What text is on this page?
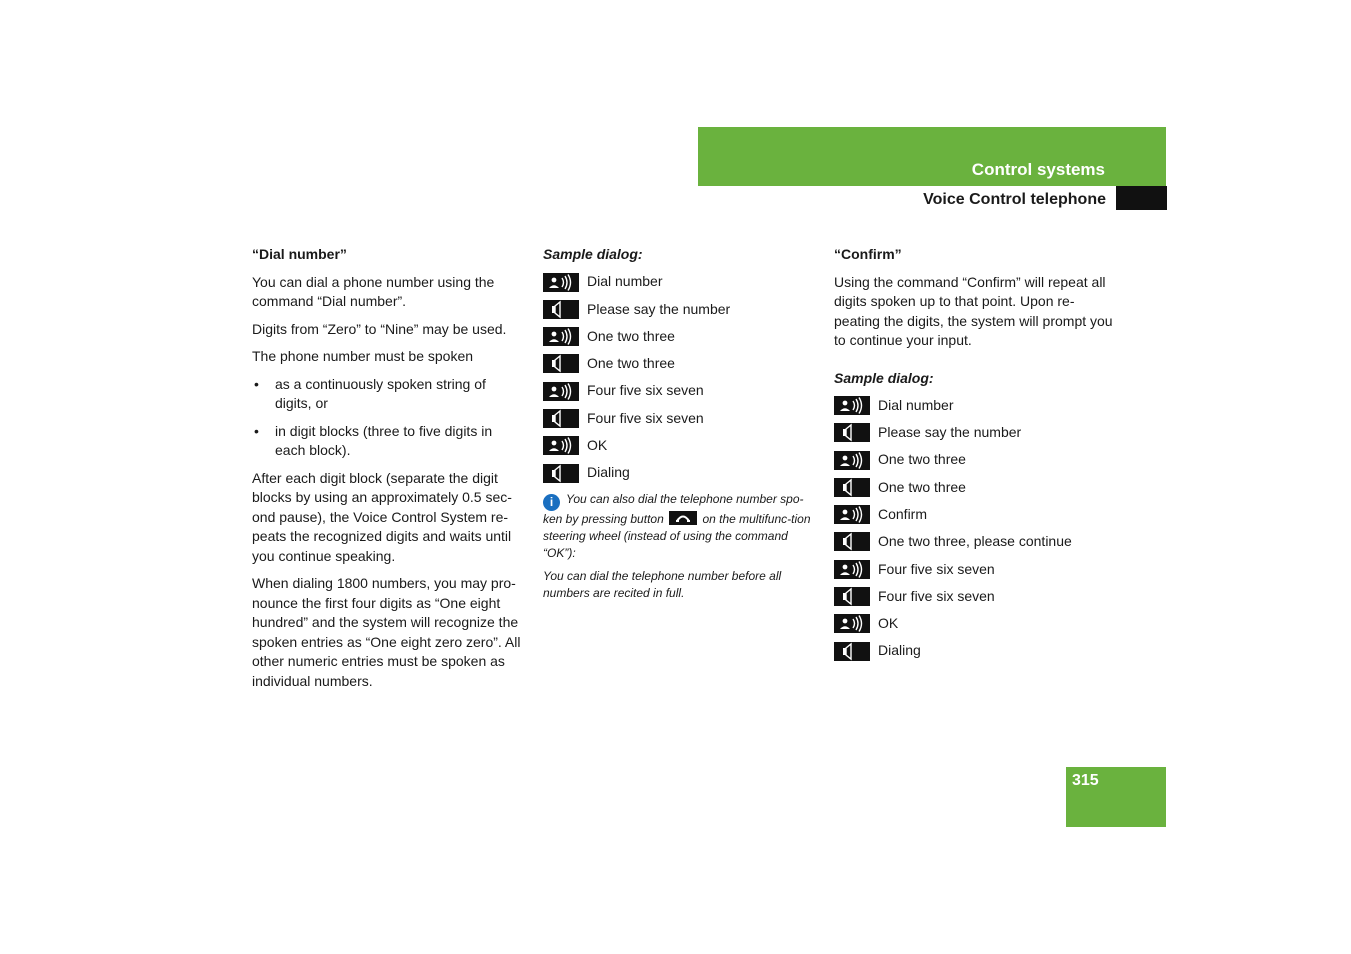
Control systems
Voice Control telephone
“Dial number”

You can dial a phone number using the command “Dial number”.

Digits from “Zero” to “Nine” may be used.

The phone number must be spoken

• as a continuously spoken string of digits, or
• in digit blocks (three to five digits in each block).

After each digit block (separate the digit blocks by using an approximately 0.5 sec-ond pause), the Voice Control System re-peats the recognized digits and waits until you continue speaking.

When dialing 1800 numbers, you may pro-nounce the first four digits as “One eight hundred” and the system will recognize the spoken entries as “One eight zero zero”. All other numeric entries must be spoken as individual numbers.

Sample dialog:
Dial number
Please say the number
One two three
One two three
Four five six seven
Four five six seven
OK
Dialing

i You can also dial the telephone number spo-ken by pressing button	on the multifunc-tion steering wheel (instead of using the command “OK”):

You can dial the telephone number before all numbers are recited in full.

“Confirm”

Using the command “Confirm” will repeat all digits spoken up to that point. Upon re-peating the digits, the system will prompt you to continue your input.

Sample dialog:
Dial number
Please say the number
One two three
One two three
Confirm
One two three, please continue
Four five six seven
Four five six seven
OK
Dialing
315
